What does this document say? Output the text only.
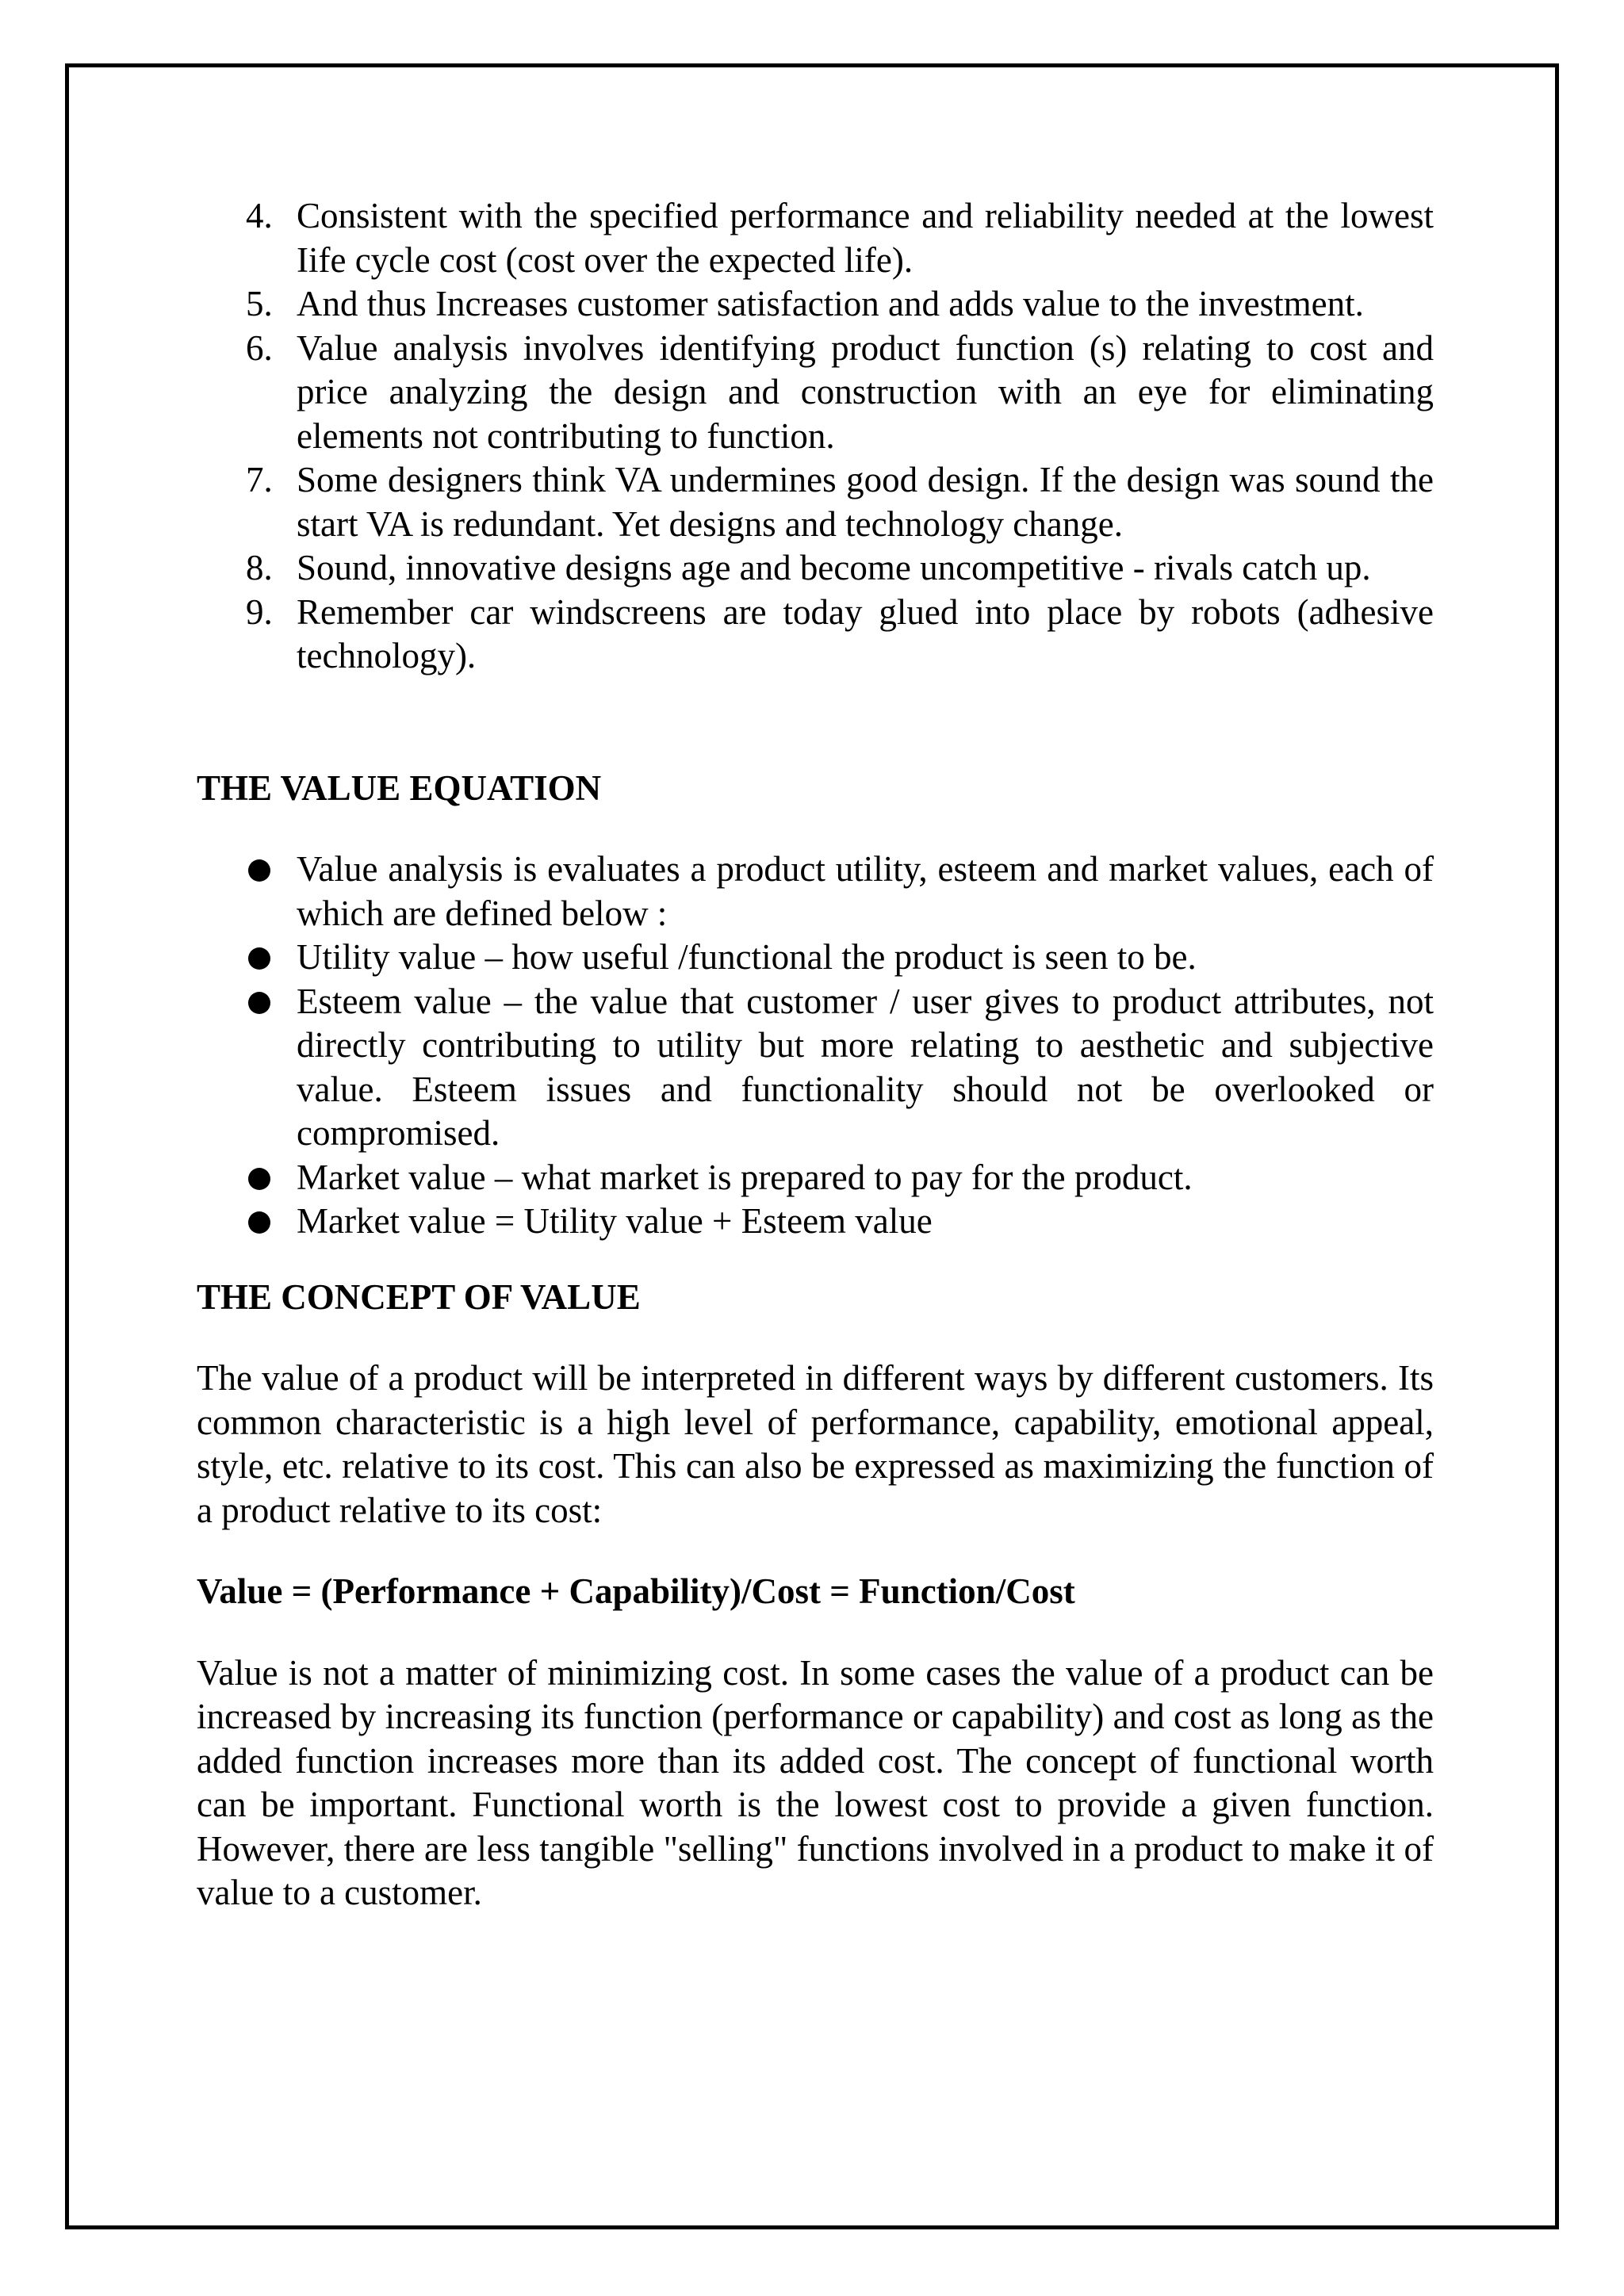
4. Consistent with the specified performance and reliability needed at the lowest Iife cycle cost (cost over the expected life).
5. And thus Increases customer satisfaction and adds value to the investment.
6. Value analysis involves identifying product function (s) relating to cost and price analyzing the design and construction with an eye for eliminating elements not contributing to function.
7. Some designers think VA undermines good design. If the design was sound the start VA is redundant. Yet designs and technology change.
8. Sound, innovative designs age and become uncompetitive - rivals catch up.
9. Remember car windscreens are today glued into place by robots (adhesive technology).
THE VALUE EQUATION
Value analysis is evaluates a product utility, esteem and market values, each of which are defined below :
Utility value – how useful /functional the product is seen to be.
Esteem value – the value that customer / user gives to product attributes, not directly contributing to utility but more relating to aesthetic and subjective value. Esteem issues and functionality should not be overlooked or compromised.
Market value – what market is prepared to pay for the product.
Market value = Utility value + Esteem value
THE CONCEPT OF VALUE

The value of a product will be interpreted in different ways by different customers. Its common characteristic is a high level of performance, capability, emotional appeal, style, etc. relative to its cost. This can also be expressed as maximizing the function of a product relative to its cost:

Value = (Performance + Capability)/Cost = Function/Cost

Value is not a matter of minimizing cost. In some cases the value of a product can be increased by increasing its function (performance or capability) and cost as long as the added function increases more than its added cost. The concept of functional worth can be important. Functional worth is the lowest cost to provide a given function. However, there are less tangible "selling" functions involved in a product to make it of value to a customer.
